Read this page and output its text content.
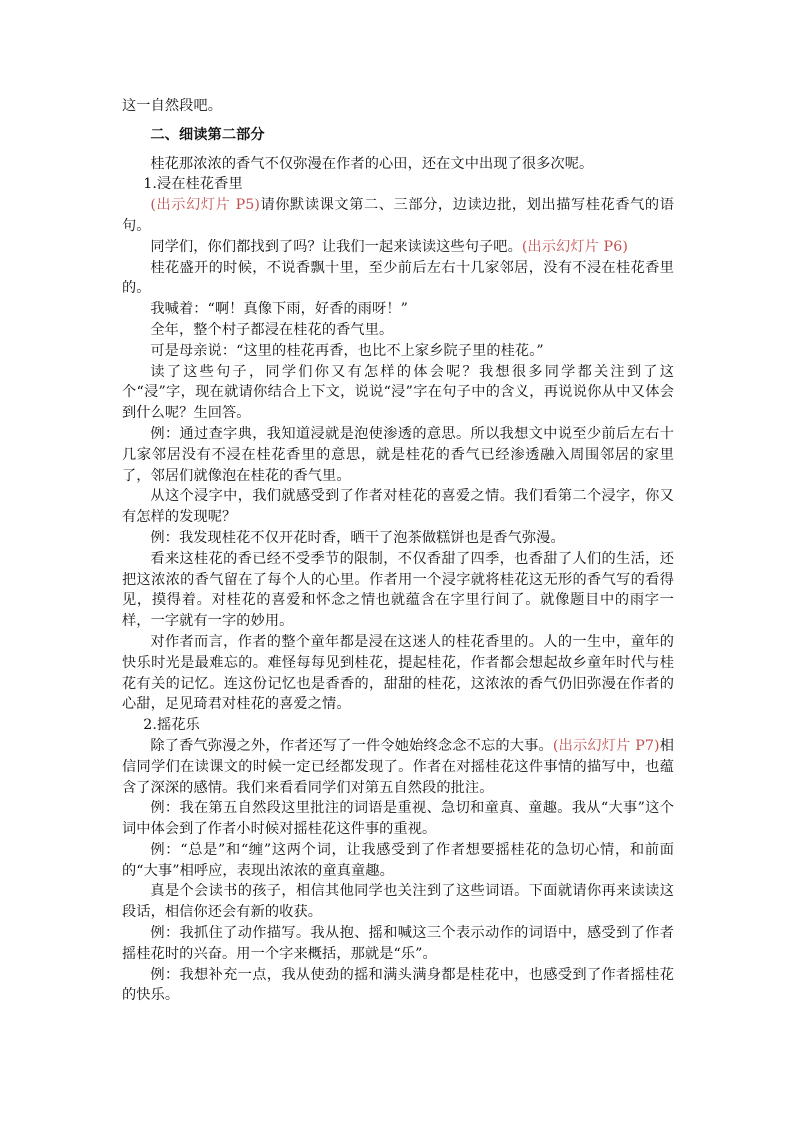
这一自然段吧。

二、细读第二部分

桂花那浓浓的香气不仅弥漫在作者的心田，还在文中出现了很多次呢。

1.浸在桂花香里

(出示幻灯片 P5)请你默读课文第二、三部分，边读边批，划出描写桂花香气的语句。

同学们，你们都找到了吗？让我们一起来读读这些句子吧。(出示幻灯片 P6)

桂花盛开的时候，不说香飘十里，至少前后左右十几家邻居，没有不浸在桂花香里的。

我喊着：“啊！真像下雨，好香的雨呀！”

全年，整个村子都浸在桂花的香气里。

可是母亲说：“这里的桂花再香，也比不上家乡院子里的桂花。”

读了这些句子，同学们你又有怎样的体会呢？我想很多同学都关注到了这个“浸”字，现在就请你结合上下文，说说“浸”字在句子中的含义，再说说你从中又体会到什么呢？生回答。

例：通过查字典，我知道浸就是泡使渗透的意思。所以我想文中说至少前后左右十几家邻居没有不浸在桂花香里的意思，就是桂花的香气已经渗透融入周围邻居的家里了，邻居们就像泡在桂花的香气里。

从这个浸字中，我们就感受到了作者对桂花的喜爱之情。我们看第二个浸字，你又有怎样的发现呢？

例：我发现桂花不仅开花时香，晒干了泡茶做糕饼也是香气弥漫。

看来这桂花的香已经不受季节的限制，不仅香甜了四季，也香甜了人们的生活，还把这浓浓的香气留在了每个人的心里。作者用一个浸字就将桂花这无形的香气写的看得见，摸得着。对桂花的喜爱和怀念之情也就蕴含在字里行间了。就像题目中的雨字一样，一字就有一字的妙用。

对作者而言，作者的整个童年都是浸在这迷人的桂花香里的。人的一生中，童年的快乐时光是最难忘的。难怪每每见到桂花，提起桂花，作者都会想起故乡童年时代与桂花有关的记忆。连这份记忆也是香香的，甜甜的桂花，这浓浓的香气仍旧弥漫在作者的心甜，足见琦君对桂花的喜爱之情。

2.摇花乐

除了香气弥漫之外，作者还写了一件令她始终念念不忘的大事。(出示幻灯片 P7)相信同学们在读课文的时候一定已经都发现了。作者在对摇桂花这件事情的描写中，也蕴含了深深的感情。我们来看看同学们对第五自然段的批注。

例：我在第五自然段这里批注的词语是重视、急切和童真、童趣。我从“大事”这个词中体会到了作者小时候对摇桂花这件事的重视。

例：“总是”和“缠”这两个词，让我感受到了作者想要摇桂花的急切心情，和前面的“大事”相呼应，表现出浓浓的童真童趣。

真是个会读书的孩子，相信其他同学也关注到了这些词语。下面就请你再来读读这段话，相信你还会有新的收获。

例：我抓住了动作描写。我从抱、摇和喊这三个表示动作的词语中，感受到了作者摇桂花时的兴奋。用一个字来概括，那就是“乐”。

例：我想补充一点，我从使劲的摇和满头满身都是桂花中，也感受到了作者摇桂花的快乐。
